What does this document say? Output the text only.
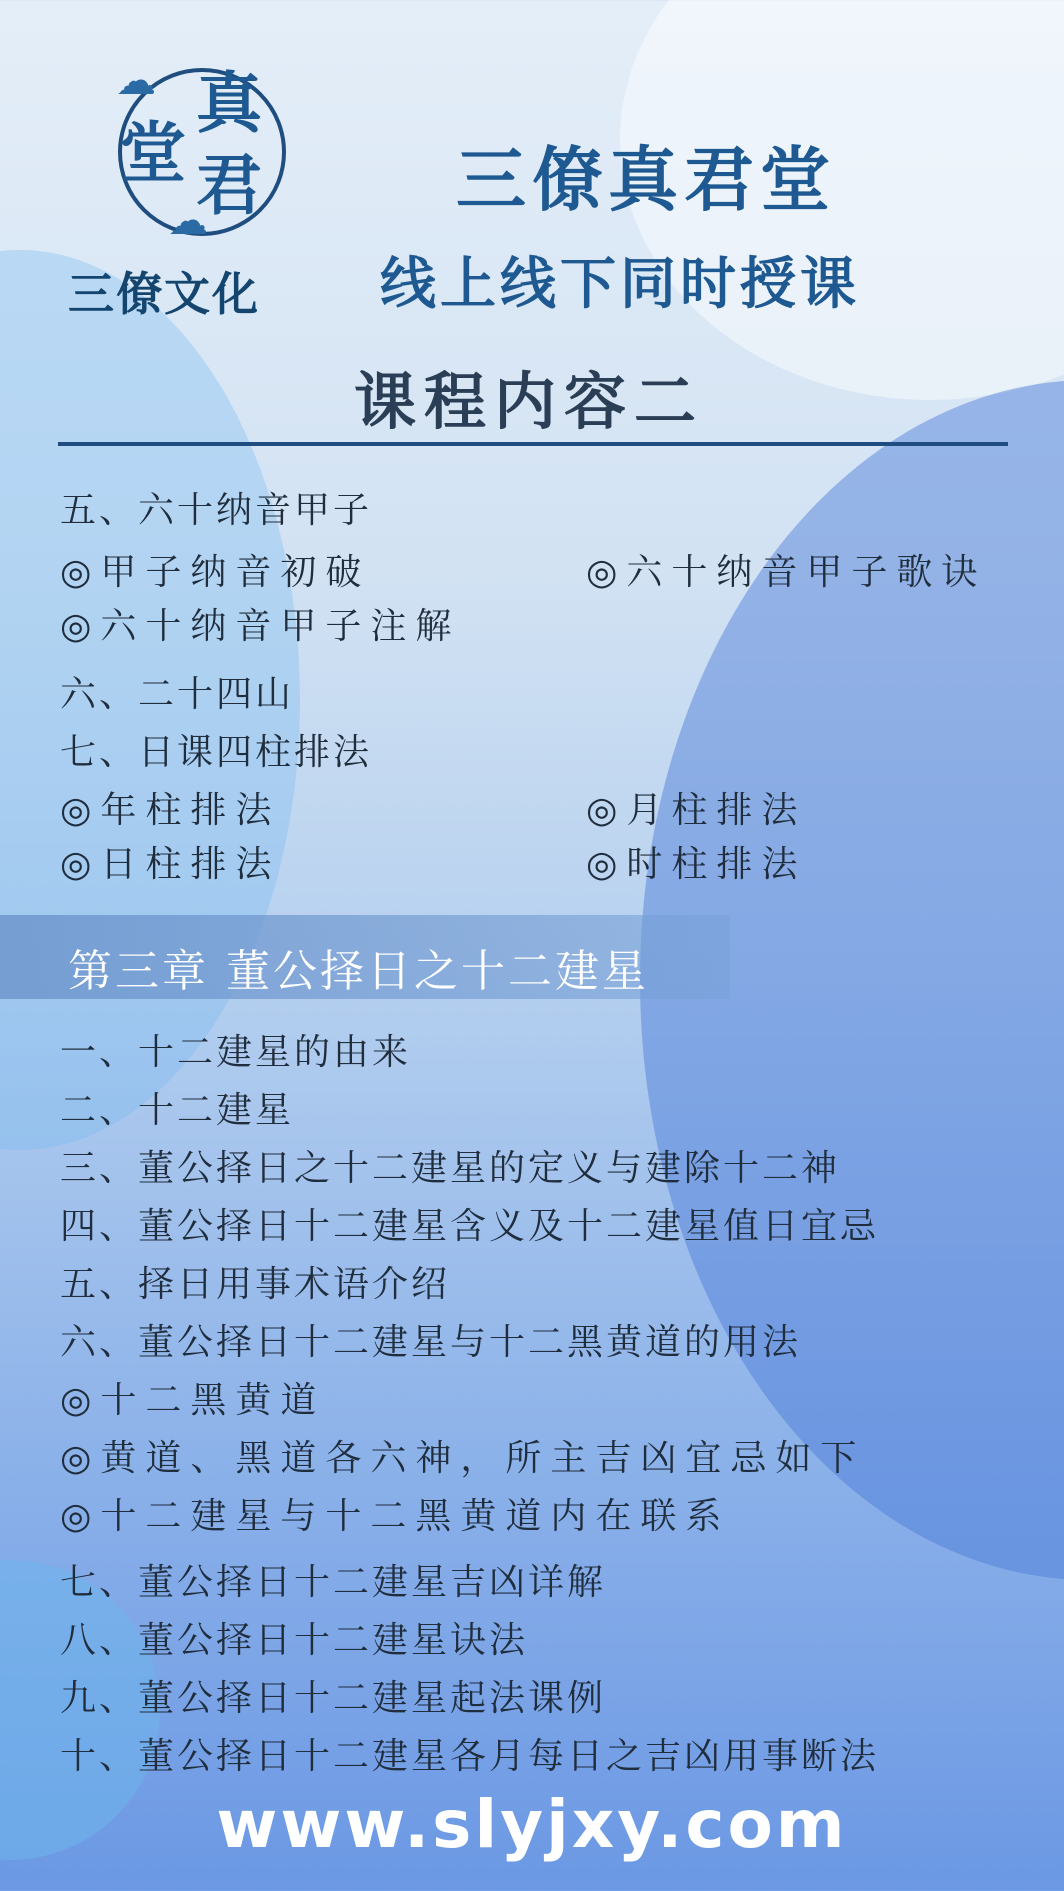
☁
☁
真
堂 君
三僚文化
三僚真君堂
线上线下同时授课
课程内容二
五、六十纳音甲子
◎甲子纳音初破	◎六十纳音甲子歌诀
◎六十纳音甲子注解
六、二十四山
七、日课四柱排法
◎年柱排法	◎月柱排法
◎日柱排法	◎时柱排法
第三章 董公择日之十二建星
一、十二建星的由来
二、十二建星
三、董公择日之十二建星的定义与建除十二神
四、董公择日十二建星含义及十二建星值日宜忌
五、择日用事术语介绍
六、董公择日十二建星与十二黑黄道的用法
◎十二黑黄道
◎黄道、黑道各六神，所主吉凶宜忌如下
◎十二建星与十二黑黄道内在联系
七、董公择日十二建星吉凶详解
八、董公择日十二建星诀法
九、董公择日十二建星起法课例
十、董公择日十二建星各月每日之吉凶用事断法
www.slyjxy.com
